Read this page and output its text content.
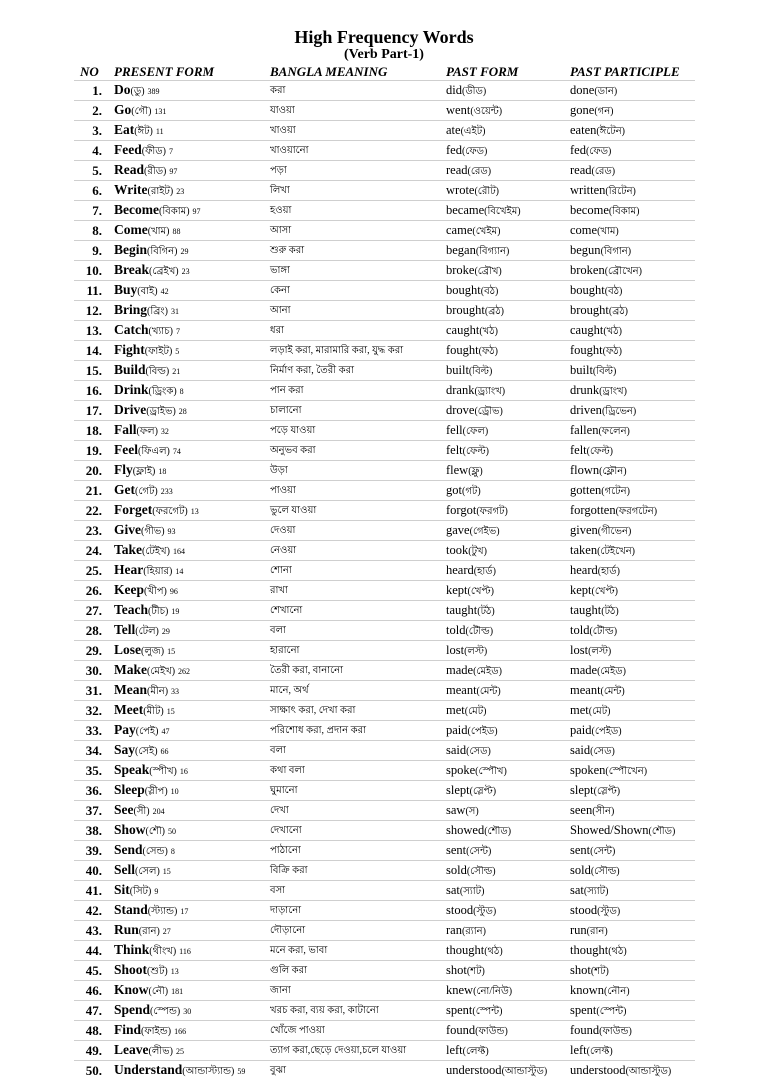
High Frequency Words
(Verb Part-1)
NO	PRESENT FORM	BANGLA MEANING	PAST FORM	PAST PARTICIPLE
1.	Do(ডু) 389	করা	did(ডীড)	done(ডান)
2.	Go(গৌ) 131	যাওয়া	went(ওয়েন্ট)	gone(গন)
3.	Eat(ঈট) 11	খাওয়া	ate(এইট)	eaten(ঈটেন)
4.	Feed(ফীড) 7	খাওয়ানো	fed(ফেড)	fed(ফেড)
5.	Read(রীড) 97	পড়া	read(রেড)	read(রেড)
6.	Write(রাইট) 23	লিখা	wrote(রৌট)	written(রিটেন)
7.	Become(বিকাম) 97	হওয়া	became(বিখেইম)	become(বিকাম)
8.	Come(খাম) 88	আসা	came(খেইম)	come(খাম)
9.	Begin(বিগিন) 29	শুরু করা	began(বিগ্যান)	begun(বিগান)
10.	Break(ব্রেইখ) 23	ভাঙ্গা	broke(ব্রৌখ)	broken(ব্রৌখেন)
11.	Buy(বাই) 42	কেনা	bought(বঠ)	bought(বঠ)
12.	Bring(ব্রিং) 31	আনা	brought(ব্রঠ)	brought(ব্রঠ)
13.	Catch(খ্যাচ) 7	ধরা	caught(খঠ)	caught(খঠ)
14.	Fight(ফাইট) 5	লড়াই করা, মারামারি করা, যুদ্ধ করা	fought(ফঠ)	fought(ফঠ)
15.	Build(বিল্ড) 21	নির্মাণ করা, তৈরী করা	built(বিল্ট)	built(বিল্ট)
16.	Drink(ড্রিংক) 8	পান করা	drank(ড্র্যাংখ)	drunk(ড্রাংখ)
17.	Drive(ড্রাইভ) 28	চালানো	drove(ড্রৌভ)	driven(ড্রিভেন)
18.	Fall(ফল) 32	পড়ে যাওয়া	fell(ফেল)	fallen(ফলেন)
19.	Feel(ফিএল) 74	অনুভব করা	felt(ফেল্ট)	felt(ফেল্ট)
20.	Fly(ফ্লাই) 18	উড়া	flew(ফ্লু)	flown(ফ্লৌন)
21.	Get(গেট) 233	পাওয়া	got(গট)	gotten(গটেন)
22.	Forget(ফরগেট) 13	ভুলে যাওয়া	forgot(ফরগট)	forgotten(ফরগটেন)
23.	Give(গীভ) 93	দেওয়া	gave(গেইভ)	given(গীভেন)
24.	Take(টেইখ) 164	নেওয়া	took(টুখ)	taken(টেইখেন)
25.	Hear(হিয়ার) 14	শোনা	heard(হার্ড)	heard(হার্ড)
26.	Keep(খীপ) 96	রাখা	kept(খেপ্ট)	kept(খেপ্ট)
27.	Teach(টীচ) 19	শেখানো	taught(টঠ)	taught(টঠ)
28.	Tell(টেল) 29	বলা	told(টৌল্ড)	told(টৌল্ড)
29.	Lose(লুজ) 15	হারানো	lost(লস্ট)	lost(লস্ট)
30.	Make(মেইখ) 262	তৈরী করা, বানানো	made(মেইড)	made(মেইড)
31.	Mean(মীন) 33	মানে, অর্থ	meant(মেন্ট)	meant(মেন্ট)
32.	Meet(মীট) 15	সাক্ষাৎ করা, দেখা করা	met(মেট)	met(মেট)
33.	Pay(পেই) 47	পরিশোধ করা, প্রদান করা	paid(পেইড)	paid(পেইড)
34.	Say(সেই) 66	বলা	said(সেড)	said(সেড)
35.	Speak(স্পীখ) 16	কথা বলা	spoke(স্পৌখ)	spoken(স্পৌখেন)
36.	Sleep(স্লীপ) 10	ঘুমানো	slept(স্লেপ্ট)	slept(স্লেপ্ট)
37.	See(সী) 204	দেখা	saw(স)	seen(সীন)
38.	Show(শৌ) 50	দেখানো	showed(শৌড)	Showed/Shown(শৌড)
39.	Send(সেন্ড) 8	পাঠানো	sent(সেন্ট)	sent(সেন্ট)
40.	Sell(সেল) 15	বিক্রি করা	sold(সৌল্ড)	sold(সৌল্ড)
41.	Sit(সিট) 9	বসা	sat(স্যাট)	sat(স্যাট)
42.	Stand(স্ট্যান্ড) 17	দাড়ানো	stood(স্টুড)	stood(স্টুড)
43.	Run(রান) 27	দৌড়ানো	ran(র‍্যান)	run(রান)
44.	Think(থীংখ) 116	মনে করা, ভাবা	thought(থঠ)	thought(থঠ)
45.	Shoot(শুট) 13	গুলি করা	shot(শট)	shot(শট)
46.	Know(নৌ) 181	জানা	knew(নো/নিউ)	known(নৌন)
47.	Spend(স্পেন্ড) 30	খরচ করা, ব্যয় করা, কাটানো	spent(স্পেন্ট)	spent(স্পেন্ট)
48.	Find(ফাইন্ড) 166	খোঁজে পাওয়া	found(ফাউন্ড)	found(ফাউন্ড)
49.	Leave(লীভ) 25	ত্যাগ করা,ছেড়ে দেওয়া,চলে যাওয়া	left(লেফ্ট)	left(লেফ্ট)
50.	Understand(আন্ডাস্ট্যান্ড) 59	বুঝা	understood(আন্ডাস্টুড)	understood(আন্ডাস্টুড)
